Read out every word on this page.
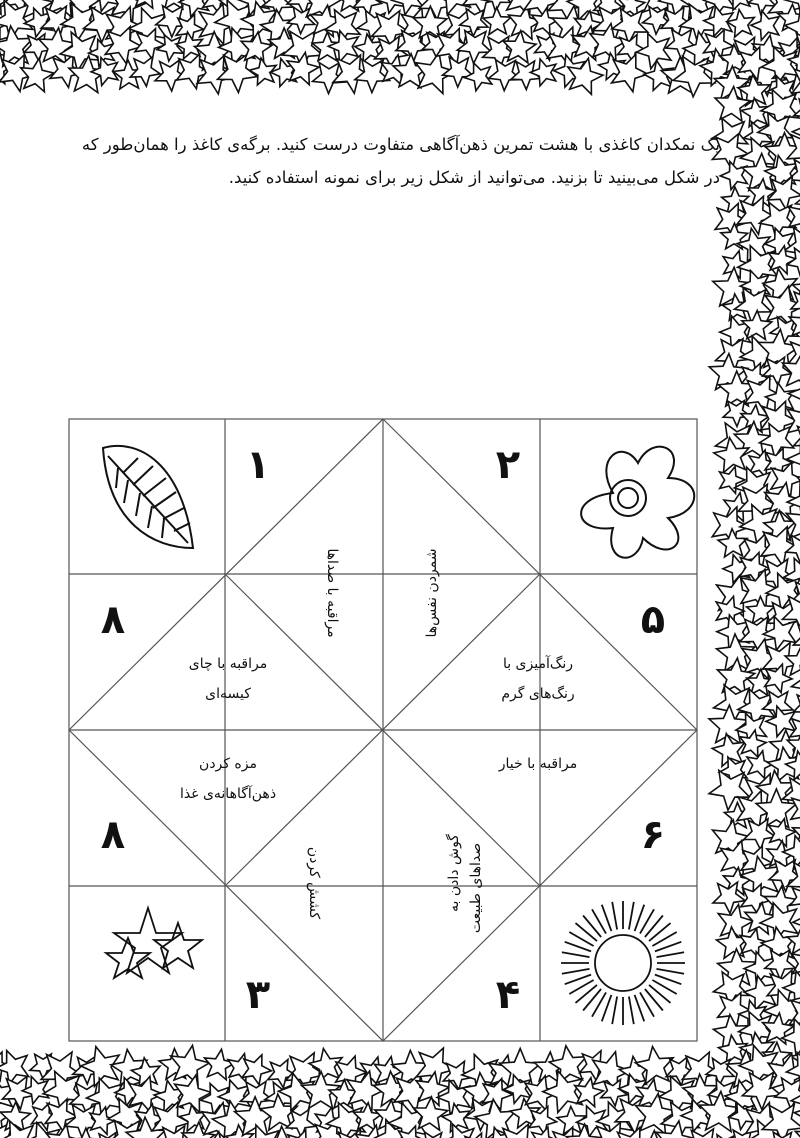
یک نمکدان کاغذی با هشت تمرین ذهن‌آگاهی متفاوت درست کنید. برگه‌ی کاغذ را همان‌طور که در شکل می‌بینید تا بزنید. می‌توانید از شکل زیر برای نمونه استفاده کنید.

۱	۲
۵
۶
۴
۳
۸
۸	مراقبه با صداها	شمردن نفس‌ها
رنگ‌آمیزی با
رنگ‌های گرم
مراقبه با خیار
گوش دادن به صداهای طبیعت
کشش کردن
مزه کردن
ذهن‌آگاهانه‌ی غذا
مراقبه با چای
کیسه‌ای
